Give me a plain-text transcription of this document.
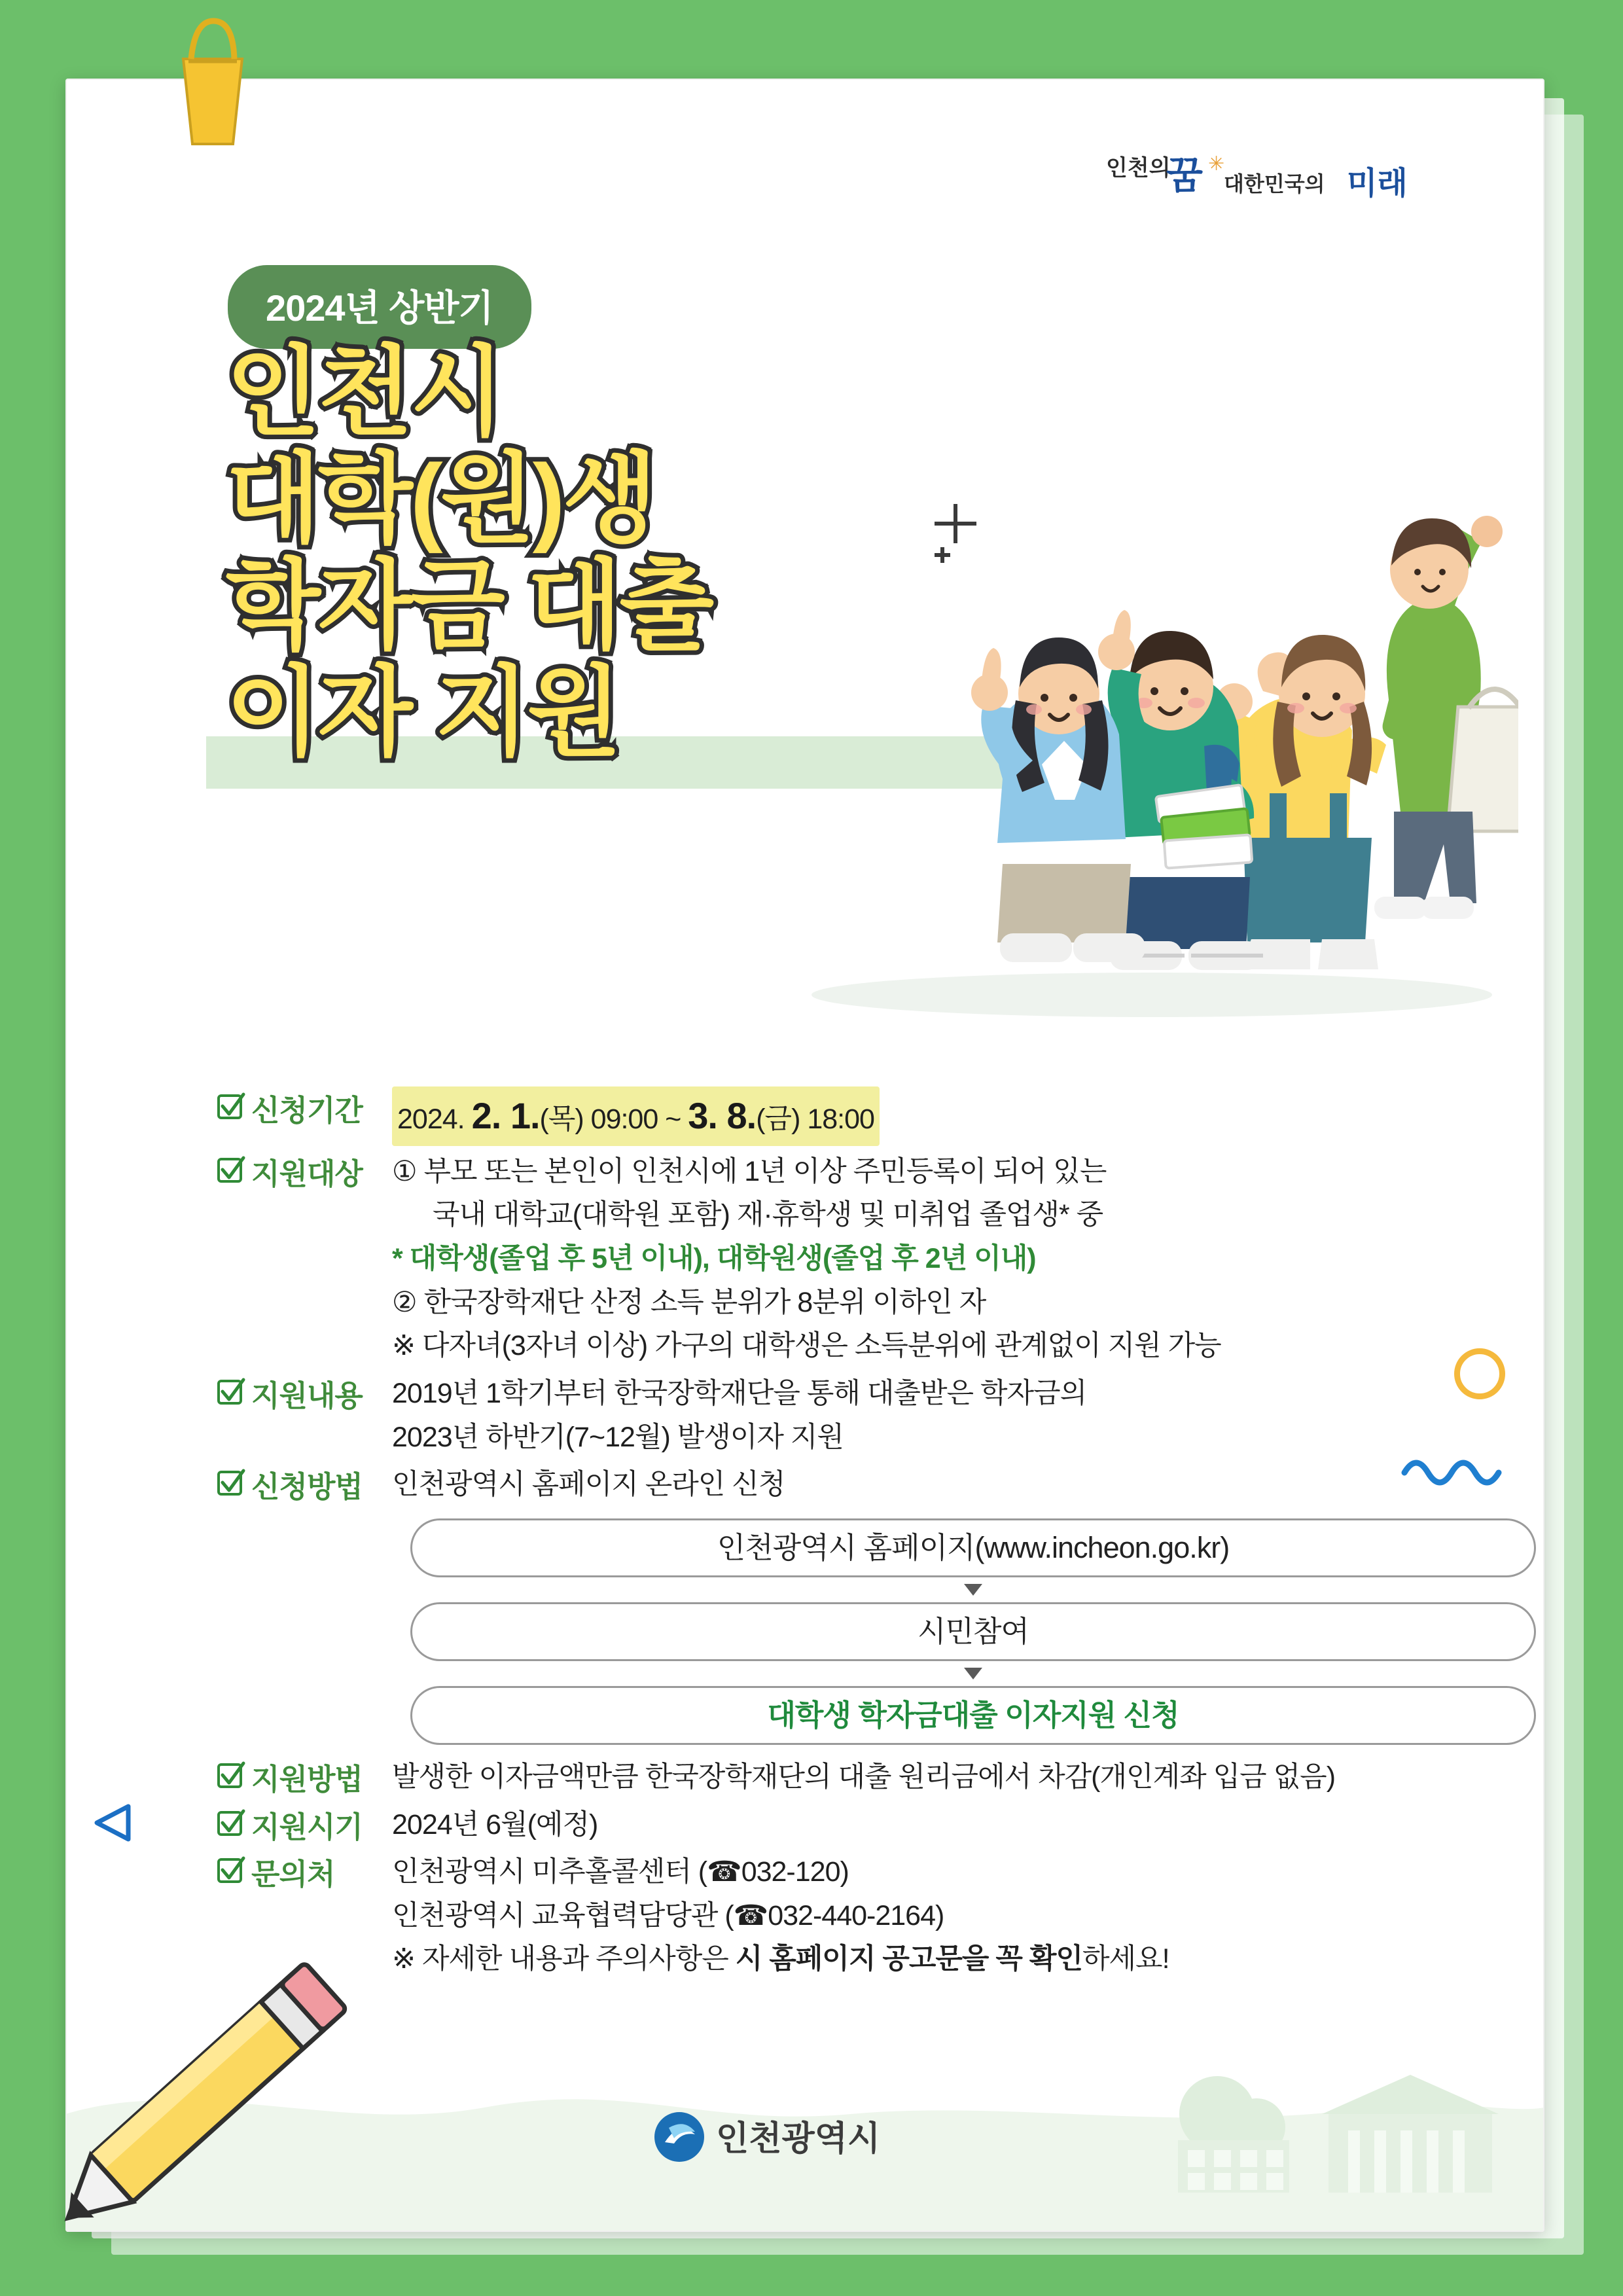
인천의
꿈 ✳
대한민국의 미래
2024년 상반기
인천시
대학(원)생
학자금 대출
이자 지원
신청기간	2024. 2. 1.(목) 09:00 ~ 3. 8.(금) 18:00
지원대상	① 부모 또는 본인이 인천시에 1년 이상 주민등록이 되어 있는
국내 대학교(대학원 포함) 재·휴학생 및 미취업 졸업생* 중
* 대학생(졸업 후 5년 이내), 대학원생(졸업 후 2년 이내)
② 한국장학재단 산정 소득 분위가 8분위 이하인 자
※ 다자녀(3자녀 이상) 가구의 대학생은 소득분위에 관계없이 지원 가능
지원내용	2019년 1학기부터 한국장학재단을 통해 대출받은 학자금의
2023년 하반기(7~12월) 발생이자 지원
신청방법	인천광역시 홈페이지 온라인 신청
인천광역시 홈페이지(www.incheon.go.kr)
시민참여
대학생 학자금대출 이자지원 신청
지원방법	발생한 이자금액만큼 한국장학재단의 대출 원리금에서 차감(개인계좌 입금 없음)
지원시기	2024년 6월(예정)
문의처	인천광역시 미추홀콜센터 (☎032-120)
인천광역시 교육협력담당관 (☎032-440-2164)
※ 자세한 내용과 주의사항은 시 홈페이지 공고문을 꼭 확인하세요!
인천광역시
